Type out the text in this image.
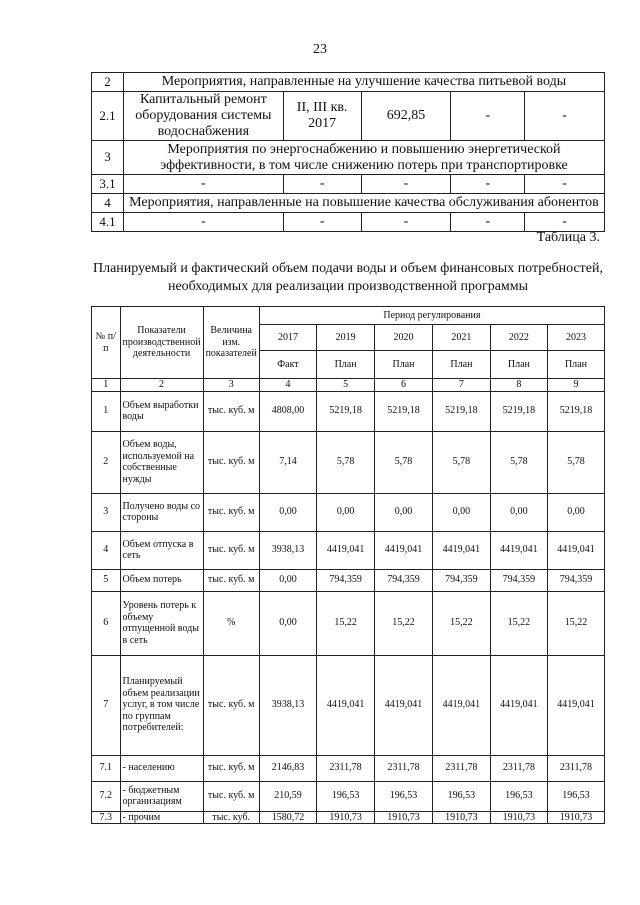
23
2	Мероприятия, направленные на улучшение качества питьевой воды				
2.1	Капитальный ремонт оборудования системы водоснабжения	II, III кв. 2017	692,85	-	-
3	Мероприятия по энергоснабжению и повышению энергетической эффективности, в том числе снижению потерь при транспортировке				
3.1	-	-	-	-	-
4	Мероприятия, направленные на повышение качества обслуживания абонентов				
4.1	-	-	-	-	-
Таблица 3.
Планируемый и фактический объем подачи воды и объем финансовых потребностей, необходимых для реализации производственной программы
№ п/п	Показатели производственной деятельности	Величина изм. показателей	Период регулирования					
			2017	2019	2020	2021	2022	2023
			Факт	План	План	План	План	План
1	2	3	4	5	6	7	8	9
1	Объем выработки воды	тыс. куб. м	4808,00	5219,18	5219,18	5219,18	5219,18	5219,18
2	Объем воды, используемой на собственные нужды	тыс. куб. м	7,14	5,78	5,78	5,78	5,78	5,78
3	Получено воды со стороны	тыс. куб. м	0,00	0,00	0,00	0,00	0,00	0,00
4	Объем отпуска в сеть	тыс. куб. м	3938,13	4419,041	4419,041	4419,041	4419,041	4419,041
5	Объем потерь	тыс. куб. м	0,00	794,359	794,359	794,359	794,359	794,359
6	Уровень потерь к объему отпущенной воды в сеть	%	0,00	15,22	15,22	15,22	15,22	15,22
7	Планируемый объем реализации услуг, в том числе по группам потребителей:	тыс. куб. м	3938,13	4419,041	4419,041	4419,041	4419,041	4419,041
7.1	- населению	тыс. куб. м	2146,83	2311,78	2311,78	2311,78	2311,78	2311,78
7.2	- бюджетным организациям	тыс. куб. м	210,59	196,53	196,53	196,53	196,53	196,53
7.3	- прочим	тыс. куб.	1580,72	1910,73	1910,73	1910,73	1910,73	1910,73
